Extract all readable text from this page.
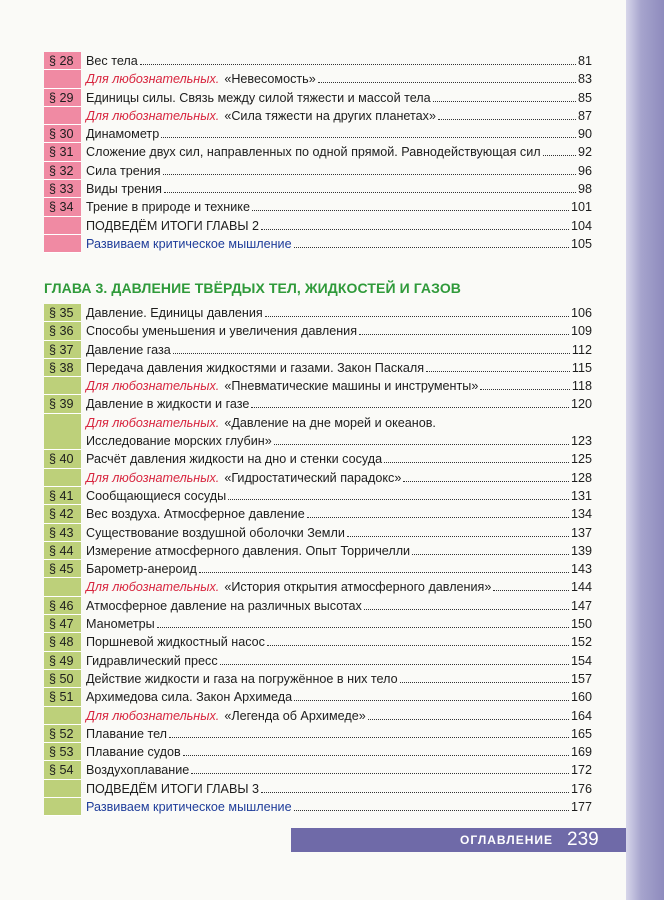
§ 28 Вес тела	81
Для любознательных. «Невесомость»	83
§ 29 Единицы силы. Связь между силой тяжести и массой тела	85
Для любознательных. «Сила тяжести на других планетах»	87
§ 30 Динамометр	90
§ 31 Сложение двух сил, направленных по одной прямой. Равнодействующая сил	92
§ 32 Сила трения	96
§ 33 Виды трения	98
§ 34 Трение в природе и технике	101
ПОДВЕДЁМ ИТОГИ ГЛАВЫ 2	104
Развиваем критическое мышление	105
ГЛАВА 3. ДАВЛЕНИЕ ТВЁРДЫХ ТЕЛ, ЖИДКОСТЕЙ И ГАЗОВ
§ 35 Давление. Единицы давления	106
§ 36 Способы уменьшения и увеличения давления	109
§ 37 Давление газа	112
§ 38 Передача давления жидкостями и газами. Закон Паскаля	115
Для любознательных. «Пневматические машины и инструменты»	118
§ 39 Давление в жидкости и газе	120
Для любознательных. «Давление на дне морей и океанов.
Исследование морских глубин»	123
§ 40 Расчёт давления жидкости на дно и стенки сосуда	125
Для любознательных. «Гидростатический парадокс»	128
§ 41 Сообщающиеся сосуды	131
§ 42 Вес воздуха. Атмосферное давление	134
§ 43 Существование воздушной оболочки Земли	137
§ 44 Измерение атмосферного давления. Опыт Торричелли	139
§ 45 Барометр-анероид	143
Для любознательных. «История открытия атмосферного давления»	144
§ 46 Атмосферное давление на различных высотах	147
§ 47 Манометры	150
§ 48 Поршневой жидкостный насос	152
§ 49 Гидравлический пресс	154
§ 50 Действие жидкости и газа на погружённое в них тело	157
§ 51 Архимедова сила. Закон Архимеда	160
Для любознательных. «Легенда об Архимеде»	164
§ 52 Плавание тел	165
§ 53 Плавание судов	169
§ 54 Воздухоплавание	172
ПОДВЕДЁМ ИТОГИ ГЛАВЫ 3	176
Развиваем критическое мышление	177
ОГЛАВЛЕНИЕ 239
